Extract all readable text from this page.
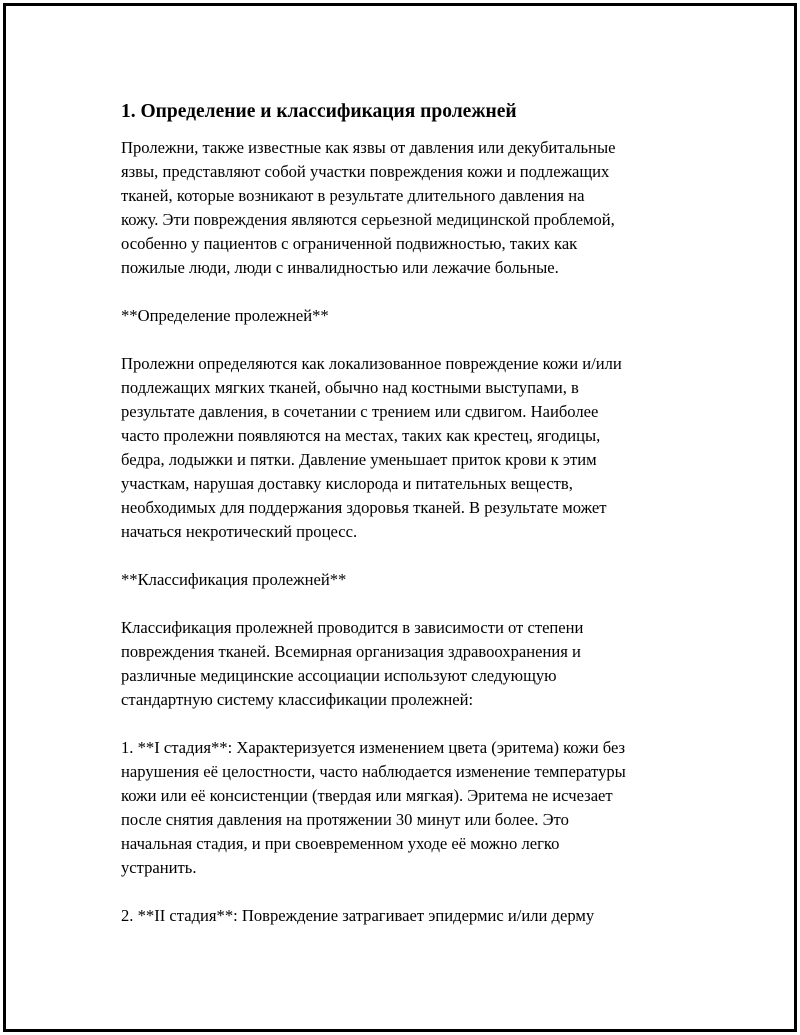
1. Определение и классификация пролежней
Пролежни, также известные как язвы от давления или декубитальные
язвы, представляют собой участки повреждения кожи и подлежащих
тканей, которые возникают в результате длительного давления на
кожу. Эти повреждения являются серьезной медицинской проблемой,
особенно у пациентов с ограниченной подвижностью, таких как
пожилые люди, люди с инвалидностью или лежачие больные.
**Определение пролежней**
Пролежни определяются как локализованное повреждение кожи и/или
подлежащих мягких тканей, обычно над костными выступами, в
результате давления, в сочетании с трением или сдвигом. Наиболее
часто пролежни появляются на местах, таких как крестец, ягодицы,
бедра, лодыжки и пятки. Давление уменьшает приток крови к этим
участкам, нарушая доставку кислорода и питательных веществ,
необходимых для поддержания здоровья тканей. В результате может
начаться некротический процесс.
**Классификация пролежней**
Классификация пролежней проводится в зависимости от степени
повреждения тканей. Всемирная организация здравоохранения и
различные медицинские ассоциации используют следующую
стандартную систему классификации пролежней:
1. **I стадия**: Характеризуется изменением цвета (эритема) кожи без
нарушения её целостности, часто наблюдается изменение температуры
кожи или её консистенции (твердая или мягкая). Эритема не исчезает
после снятия давления на протяжении 30 минут или более. Это
начальная стадия, и при своевременном уходе её можно легко
устранить.
2. **II стадия**: Повреждение затрагивает эпидермис и/или дерму
